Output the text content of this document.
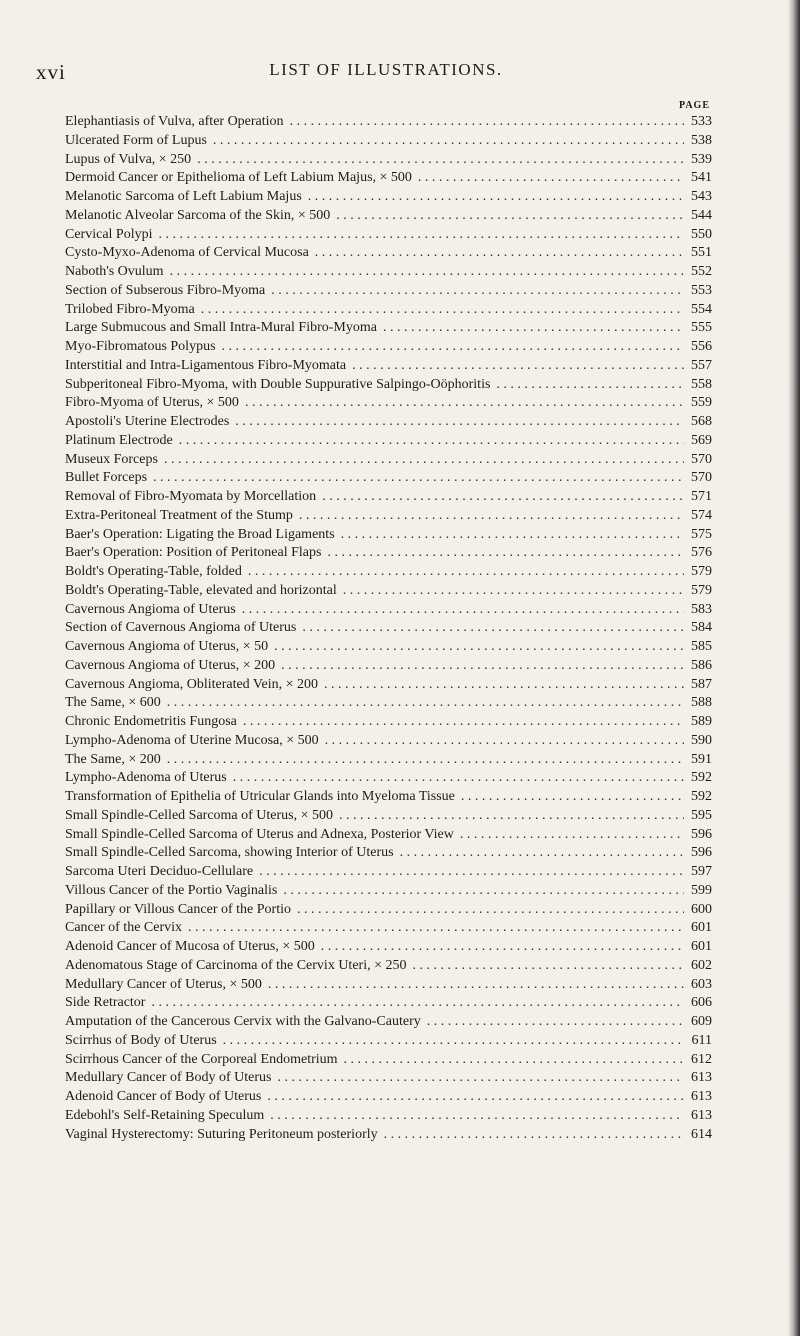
xvi	LIST OF ILLUSTRATIONS.
PAGE
Elephantiasis of Vulva, after Operation . . .	533
Ulcerated Form of Lupus . . .	538
Lupus of Vulva, × 250 . . .	539
Dermoid Cancer or Epithelioma of Left Labium Majus, × 500 . . .	541
Melanotic Sarcoma of Left Labium Majus . . .	543
Melanotic Alveolar Sarcoma of the Skin, × 500 . . .	544
Cervical Polypi . . .	550
Cysto-Myxo-Adenoma of Cervical Mucosa . . .	551
Naboth's Ovulum . . .	552
Section of Subserous Fibro-Myoma . . .	553
Trilobed Fibro-Myoma . . .	554
Large Submucous and Small Intra-Mural Fibro-Myoma . . .	555
Myo-Fibromatous Polypus . . .	556
Interstitial and Intra-Ligamentous Fibro-Myomata . . .	557
Subperitoneal Fibro-Myoma, with Double Suppurative Salpingo-Oöphoritis . . .	558
Fibro-Myoma of Uterus, × 500 . . .	559
Apostoli's Uterine Electrodes . . .	568
Platinum Electrode . . .	569
Museux Forceps . . .	570
Bullet Forceps . . .	570
Removal of Fibro-Myomata by Morcellation . . .	571
Extra-Peritoneal Treatment of the Stump . . .	574
Baer's Operation: Ligating the Broad Ligaments . . .	575
Baer's Operation: Position of Peritoneal Flaps . . .	576
Boldt's Operating-Table, folded . . .	579
Boldt's Operating-Table, elevated and horizontal . . .	579
Cavernous Angioma of Uterus . . .	583
Section of Cavernous Angioma of Uterus . . .	584
Cavernous Angioma of Uterus, × 50 . . .	585
Cavernous Angioma of Uterus, × 200 . . .	586
Cavernous Angioma, Obliterated Vein, × 200 . . .	587
The Same, × 600 . . .	588
Chronic Endometritis Fungosa . . .	589
Lympho-Adenoma of Uterine Mucosa, × 500 . . .	590
The Same, × 200 . . .	591
Lympho-Adenoma of Uterus . . .	592
Transformation of Epithelia of Utricular Glands into Myeloma Tissue . . .	592
Small Spindle-Celled Sarcoma of Uterus, × 500 . . .	595
Small Spindle-Celled Sarcoma of Uterus and Adnexa, Posterior View . . .	596
Small Spindle-Celled Sarcoma, showing Interior of Uterus . . .	596
Sarcoma Uteri Deciduo-Cellulare . . .	597
Villous Cancer of the Portio Vaginalis . . .	599
Papillary or Villous Cancer of the Portio . . .	600
Cancer of the Cervix . . .	601
Adenoid Cancer of Mucosa of Uterus, × 500 . . .	601
Adenomatous Stage of Carcinoma of the Cervix Uteri, × 250 . . .	602
Medullary Cancer of Uterus, × 500 . . .	603
Side Retractor . . .	606
Amputation of the Cancerous Cervix with the Galvano-Cautery . . .	609
Scirrhus of Body of Uterus . . .	611
Scirrhous Cancer of the Corporeal Endometrium . . .	612
Medullary Cancer of Body of Uterus . . .	613
Adenoid Cancer of Body of Uterus . . .	613
Edebohl's Self-Retaining Speculum . . .	613
Vaginal Hysterectomy: Suturing Peritoneum posteriorly . . .	614
